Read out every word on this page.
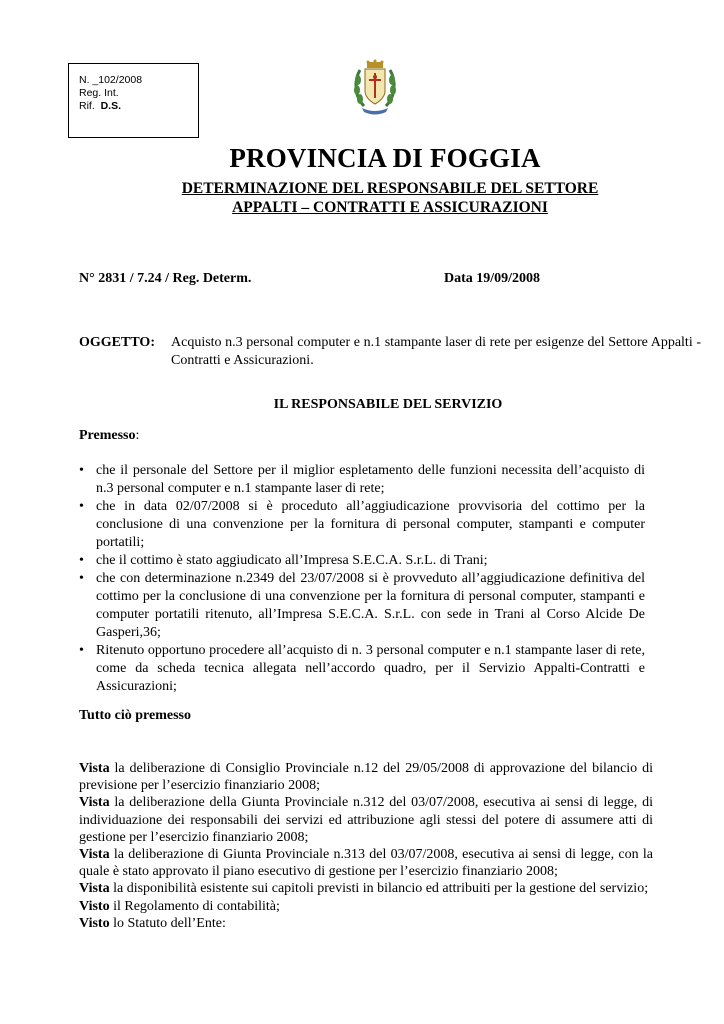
N. _102/2008
Reg. Int.
Rif. D.S.
PROVINCIA DI FOGGIA
DETERMINAZIONE DEL RESPONSABILE DEL SETTORE
APPALTI – CONTRATTI E ASSICURAZIONI
N° 2831 / 7.24 / Reg. Determ.	Data 19/09/2008
OGGETTO: Acquisto n.3 personal computer e n.1 stampante laser di rete per esigenze del Settore Appalti - Contratti e Assicurazioni.
IL RESPONSABILE DEL SERVIZIO
Premesso:
• che il personale del Settore per il miglior espletamento delle funzioni necessita dell’acquisto di n.3 personal computer e n.1 stampante laser di rete;
• che in data 02/07/2008 si è proceduto all’aggiudicazione provvisoria del cottimo per la conclusione di una convenzione per la fornitura di personal computer, stampanti e computer portatili;
• che il cottimo è stato aggiudicato all’Impresa S.E.C.A. S.r.L. di Trani;
• che con determinazione n.2349 del 23/07/2008 si è provveduto all’aggiudicazione definitiva del cottimo per la conclusione di una convenzione per la fornitura di personal computer, stampanti e computer portatili ritenuto, all’Impresa S.E.C.A. S.r.L. con sede in Trani al Corso Alcide De Gasperi,36;
• Ritenuto opportuno procedere all’acquisto di n. 3 personal computer e n.1 stampante laser di rete, come da scheda tecnica allegata nell’accordo quadro, per il Servizio Appalti-Contratti e Assicurazioni;
Tutto ciò premesso

Vista la deliberazione di Consiglio Provinciale n.12 del 29/05/2008 di approvazione del bilancio di previsione per l’esercizio finanziario 2008;

Vista la deliberazione della Giunta Provinciale n.312 del 03/07/2008, esecutiva ai sensi di legge, di individuazione dei responsabili dei servizi ed attribuzione agli stessi del potere di assumere atti di gestione per l’esercizio finanziario 2008;

Vista la deliberazione di Giunta Provinciale n.313 del 03/07/2008, esecutiva ai sensi di legge, con la quale è stato approvato il piano esecutivo di gestione per l’esercizio finanziario 2008;

Vista la disponibilità esistente sui capitoli previsti in bilancio ed attribuiti per la gestione del servizio;

Visto il Regolamento di contabilità;

Visto lo Statuto dell’Ente:
